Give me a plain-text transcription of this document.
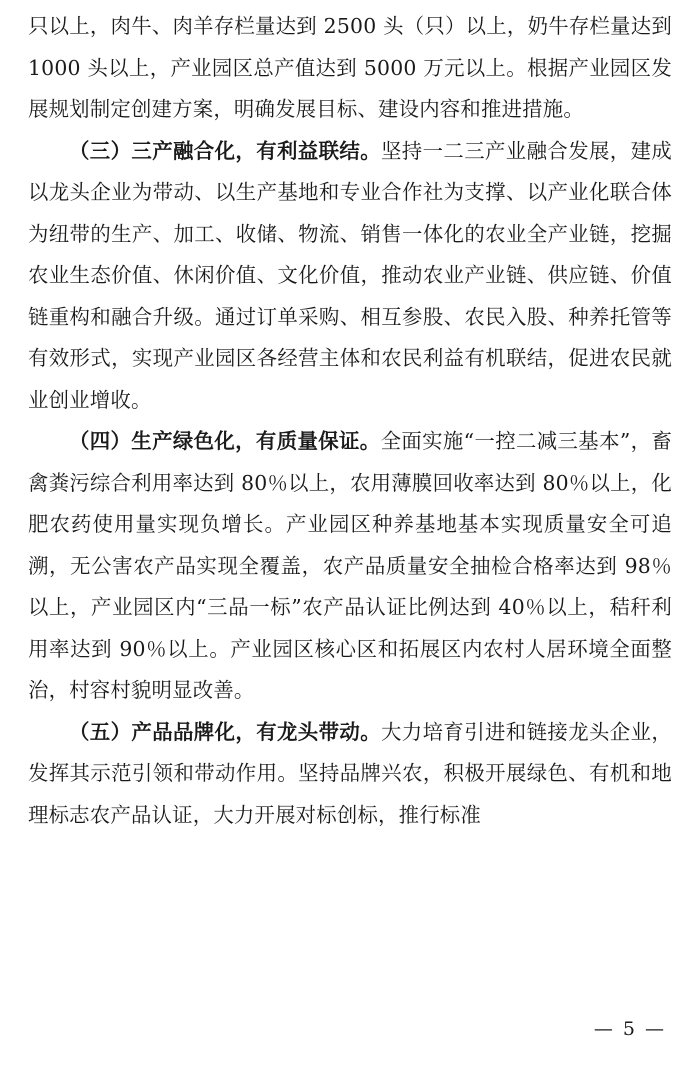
只以上，肉牛、肉羊存栏量达到 2500 头（只）以上，奶牛存栏量达到 1000 头以上，产业园区总产值达到 5000 万元以上。根据产业园区发展规划制定创建方案，明确发展目标、建设内容和推进措施。

（三）三产融合化，有利益联结。坚持一二三产业融合发展，建成以龙头企业为带动、以生产基地和专业合作社为支撑、以产业化联合体为纽带的生产、加工、收储、物流、销售一体化的农业全产业链，挖掘农业生态价值、休闲价值、文化价值，推动农业产业链、供应链、价值链重构和融合升级。通过订单采购、相互参股、农民入股、种养托管等有效形式，实现产业园区各经营主体和农民利益有机联结，促进农民就业创业增收。

（四）生产绿色化，有质量保证。全面实施“一控二减三基本”，畜禽粪污综合利用率达到 80％以上，农用薄膜回收率达到 80％以上，化肥农药使用量实现负增长。产业园区种养基地基本实现质量安全可追溯，无公害农产品实现全覆盖，农产品质量安全抽检合格率达到 98％以上，产业园区内“三品一标”农产品认证比例达到 40％以上，秸秆利用率达到 90％以上。产业园区核心区和拓展区内农村人居环境全面整治，村容村貌明显改善。

（五）产品品牌化，有龙头带动。大力培育引进和链接龙头企业，发挥其示范引领和带动作用。坚持品牌兴农，积极开展绿色、有机和地理标志农产品认证，大力开展对标创标，推行标准

— 5 —
